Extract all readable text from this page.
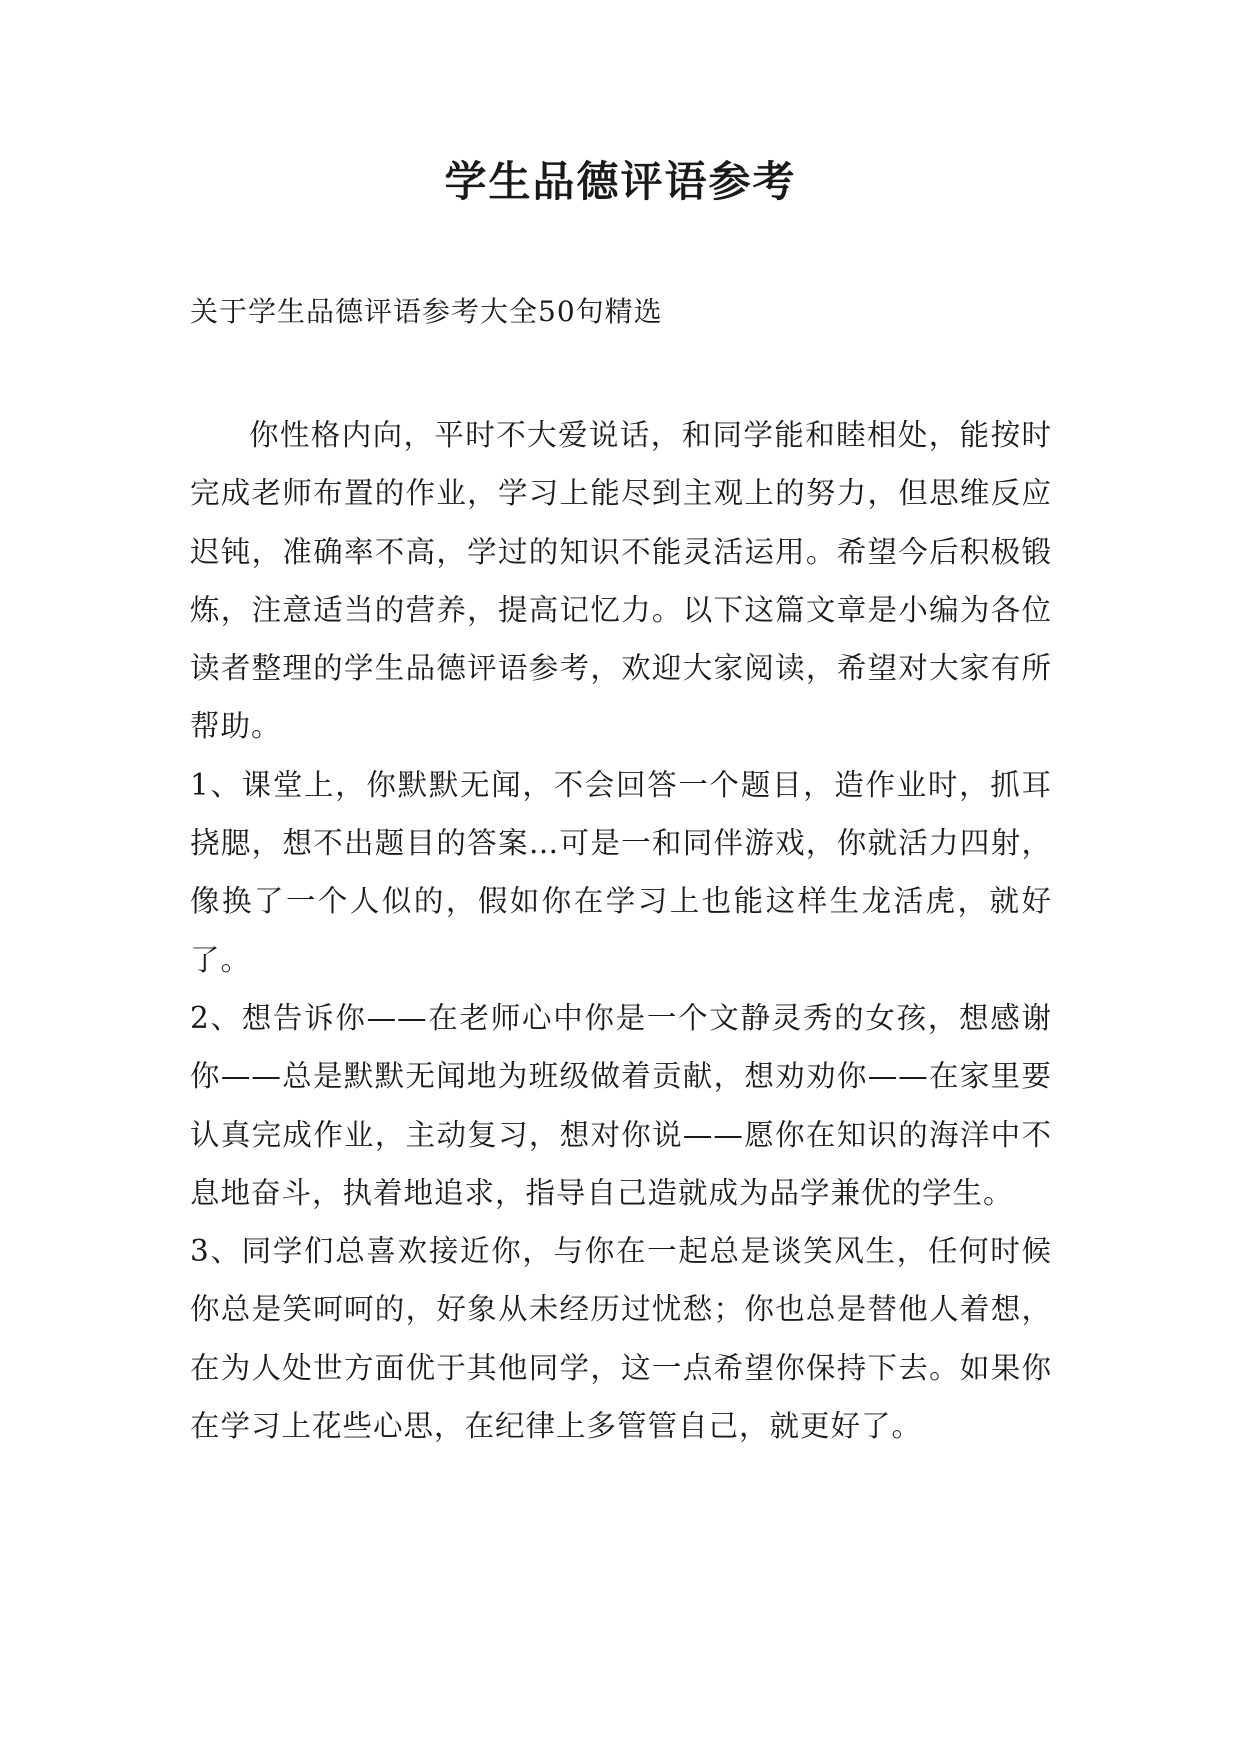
学生品德评语参考

关于学生品德评语参考大全50句精选

你性格内向，平时不大爱说话，和同学能和睦相处，能按时完成老师布置的作业，学习上能尽到主观上的努力，但思维反应迟钝，准确率不高，学过的知识不能灵活运用。希望今后积极锻炼，注意适当的营养，提高记忆力。以下这篇文章是小编为各位读者整理的学生品德评语参考，欢迎大家阅读，希望对大家有所帮助。

1、课堂上，你默默无闻，不会回答一个题目，造作业时，抓耳挠腮，想不出题目的答案…可是一和同伴游戏，你就活力四射，像换了一个人似的，假如你在学习上也能这样生龙活虎，就好了。

2、想告诉你——在老师心中你是一个文静灵秀的女孩，想感谢你——总是默默无闻地为班级做着贡献，想劝劝你——在家里要认真完成作业，主动复习，想对你说——愿你在知识的海洋中不息地奋斗，执着地追求，指导自己造就成为品学兼优的学生。

3、同学们总喜欢接近你，与你在一起总是谈笑风生，任何时候你总是笑呵呵的，好象从未经历过忧愁；你也总是替他人着想，在为人处世方面优于其他同学，这一点希望你保持下去。如果你在学习上花些心思，在纪律上多管管自己，就更好了。
